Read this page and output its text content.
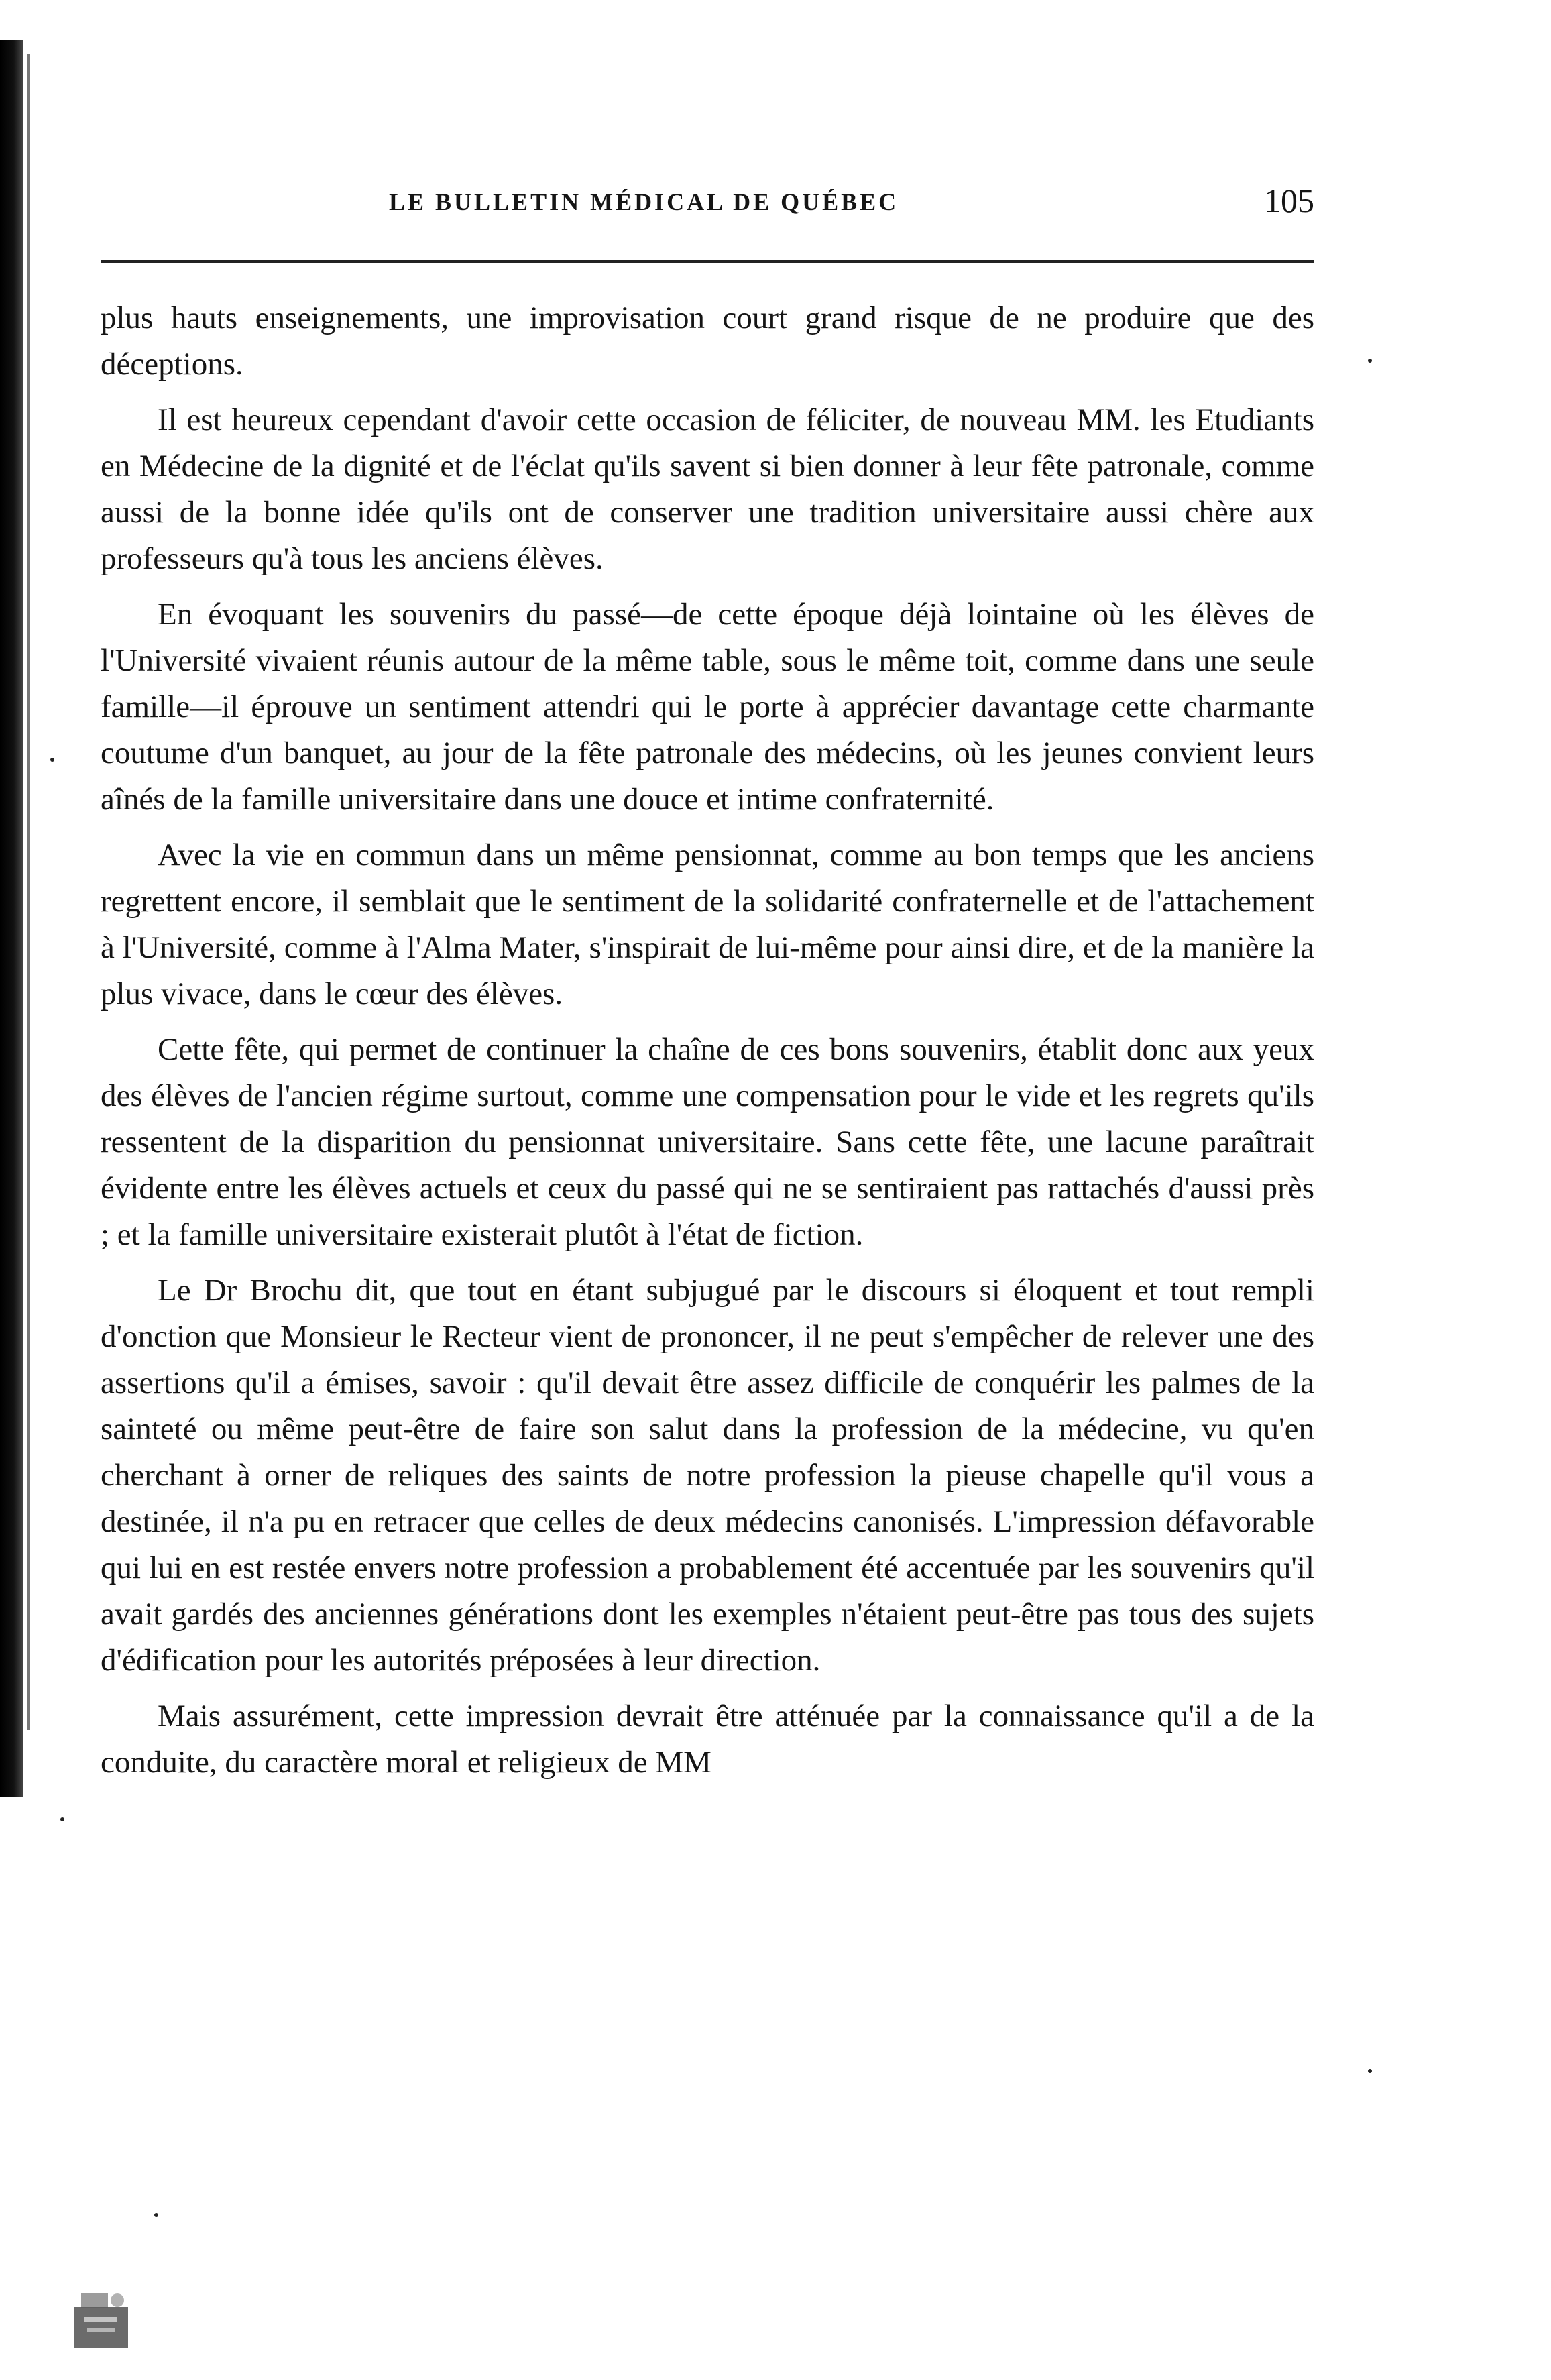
LE BULLETIN MÉDICAL DE QUÉBEC	105

plus hauts enseignements, une improvisation court grand risque de ne produire que des déceptions.

Il est heureux cependant d'avoir cette occasion de féliciter, de nouveau MM. les Etudiants en Médecine de la dignité et de l'éclat qu'ils savent si bien donner à leur fête patronale, comme aussi de la bonne idée qu'ils ont de conserver une tradition universitaire aussi chère aux professeurs qu'à tous les anciens élèves.

En évoquant les souvenirs du passé—de cette époque déjà lointaine où les élèves de l'Université vivaient réunis autour de la même table, sous le même toit, comme dans une seule famille—il éprouve un sentiment attendri qui le porte à apprécier davantage cette charmante coutume d'un banquet, au jour de la fête patronale des médecins, où les jeunes convient leurs aînés de la famille universitaire dans une douce et intime confraternité.

Avec la vie en commun dans un même pensionnat, comme au bon temps que les anciens regrettent encore, il semblait que le sentiment de la solidarité confraternelle et de l'attachement à l'Université, comme à l'Alma Mater, s'inspirait de lui-même pour ainsi dire, et de la manière la plus vivace, dans le cœur des élèves.

Cette fête, qui permet de continuer la chaîne de ces bons souvenirs, établit donc aux yeux des élèves de l'ancien régime surtout, comme une compensation pour le vide et les regrets qu'ils ressentent de la disparition du pensionnat universitaire. Sans cette fête, une lacune paraîtrait évidente entre les élèves actuels et ceux du passé qui ne se sentiraient pas rattachés d'aussi près ; et la famille universitaire existerait plutôt à l'état de fiction.

Le Dr Brochu dit, que tout en étant subjugué par le discours si éloquent et tout rempli d'onction que Monsieur le Recteur vient de prononcer, il ne peut s'empêcher de relever une des assertions qu'il a émises, savoir : qu'il devait être assez difficile de conquérir les palmes de la sainteté ou même peut-être de faire son salut dans la profession de la médecine, vu qu'en cherchant à orner de reliques des saints de notre profession la pieuse chapelle qu'il vous a destinée, il n'a pu en retracer que celles de deux médecins canonisés. L'impression défavorable qui lui en est restée envers notre profession a probablement été accentuée par les souvenirs qu'il avait gardés des anciennes générations dont les exemples n'étaient peut-être pas tous des sujets d'édification pour les autorités préposées à leur direction.

Mais assurément, cette impression devrait être atténuée par la connaissance qu'il a de la conduite, du caractère moral et religieux de MM
